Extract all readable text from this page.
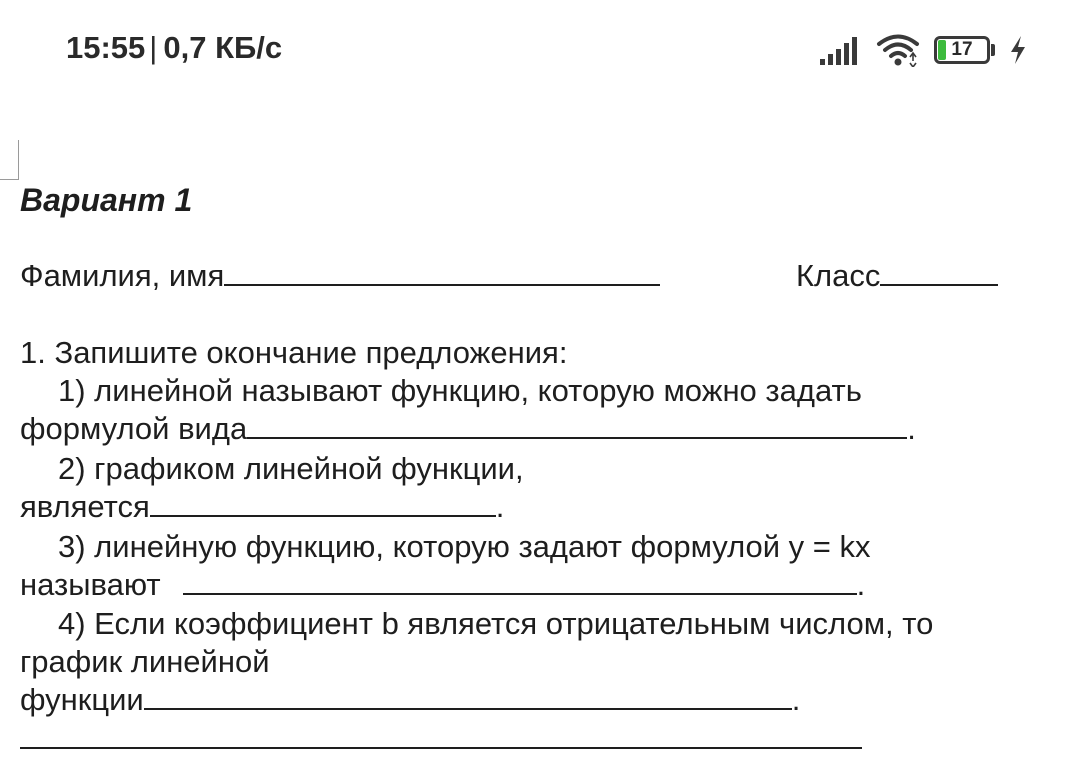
15:55 | 0,7 КБ/с	17
Вариант 1
Фамилия, имя	Класс
1. Запишите окончание предложения:
1) линейной называют функцию, которую можно задать
формулой вида	.
2) графиком линейной функции,
является	.
3) линейную функцию, которую задают формулой y = kx
называют	.
4) Если коэффициент b является отрицательным числом, то
график линейной
функции	.
